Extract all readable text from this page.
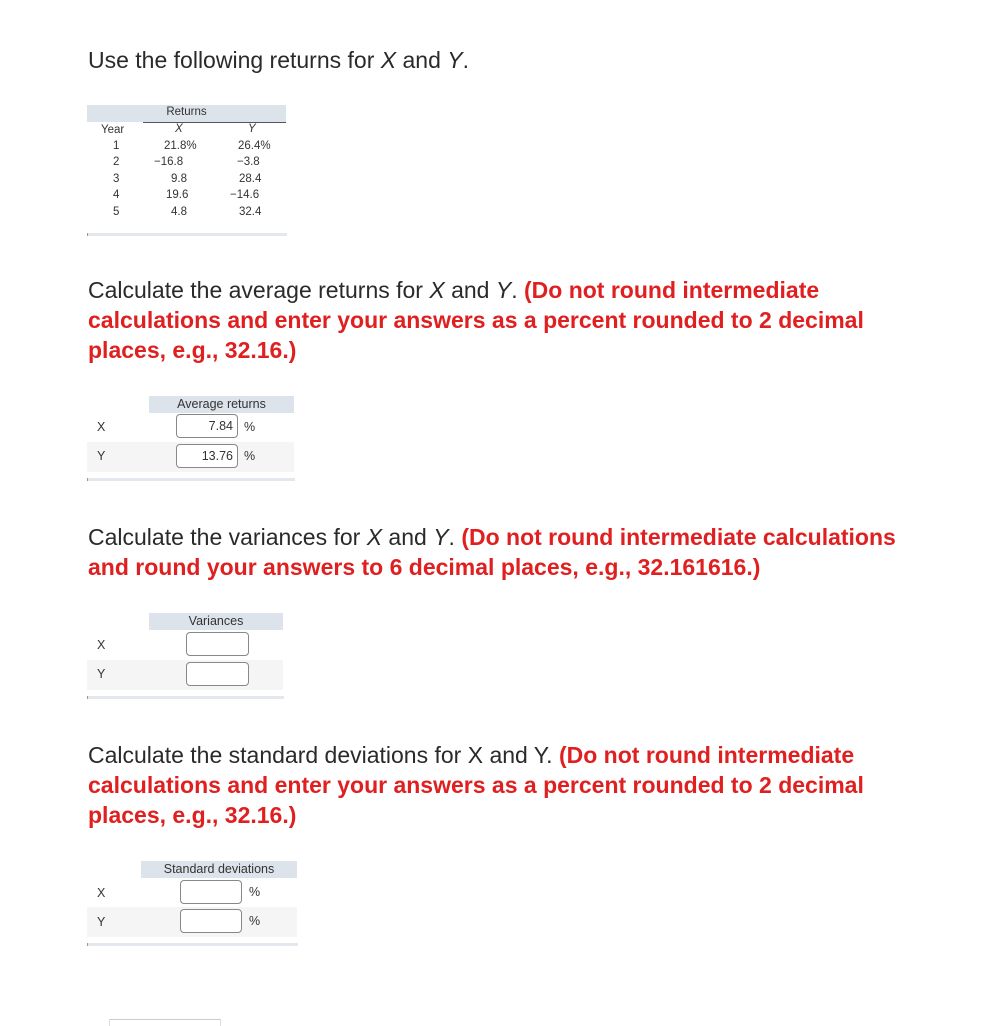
Use the following returns for X and Y.
Returns
Year	X	Y
1	21.8%	26.4%
2	−16.8	−3.8
3	9.8	28.4
4	19.6	−14.6
5	4.8	32.4
Calculate the average returns for X and Y. (Do not round intermediate
calculations and enter your answers as a percent rounded to 2 decimal
places, e.g., 32.16.)
Average returns
X	7.84 %
Y	13.76 %
Calculate the variances for X and Y. (Do not round intermediate calculations
and round your answers to 6 decimal places, e.g., 32.161616.)
Variances
X
Y
Calculate the standard deviations for X and Y. (Do not round intermediate
calculations and enter your answers as a percent rounded to 2 decimal
places, e.g., 32.16.)
Standard deviations
X	%
Y	%
